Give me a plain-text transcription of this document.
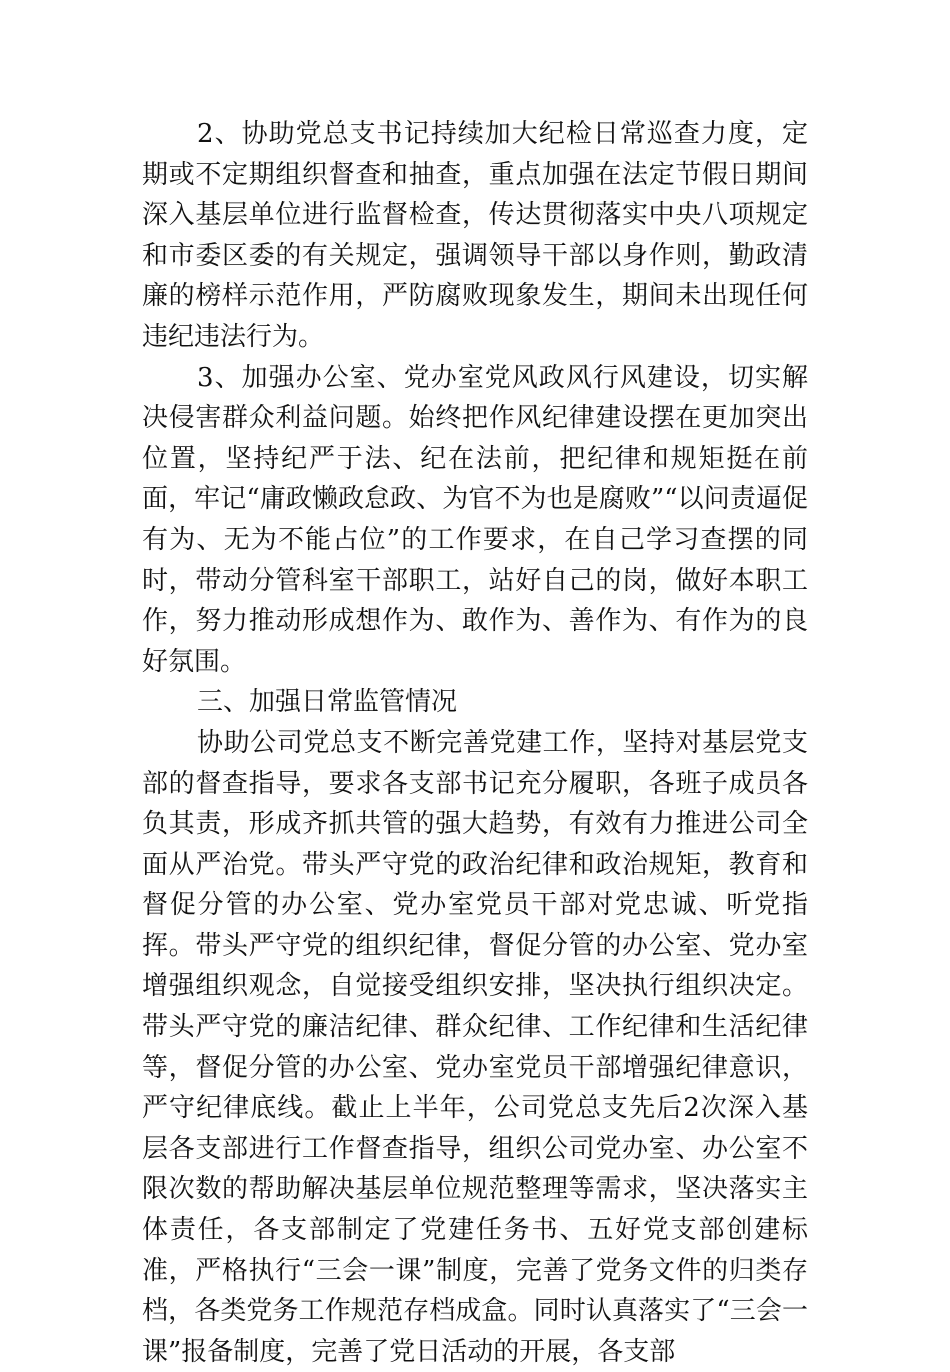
2、协助党总支书记持续加大纪检日常巡查力度，定期或不定期组织督查和抽查，重点加强在法定节假日期间深入基层单位进行监督检查，传达贯彻落实中央八项规定和市委区委的有关规定，强调领导干部以身作则，勤政清廉的榜样示范作用，严防腐败现象发生，期间未出现任何违纪违法行为。

3、加强办公室、党办室党风政风行风建设，切实解决侵害群众利益问题。始终把作风纪律建设摆在更加突出位置，坚持纪严于法、纪在法前，把纪律和规矩挺在前面，牢记“庸政懒政怠政、为官不为也是腐败”“以问责逼促有为、无为不能占位”的工作要求，在自己学习查摆的同时，带动分管科室干部职工，站好自己的岗，做好本职工作，努力推动形成想作为、敢作为、善作为、有作为的良好氛围。

三、加强日常监管情况

协助公司党总支不断完善党建工作，坚持对基层党支部的督查指导，要求各支部书记充分履职，各班子成员各负其责，形成齐抓共管的强大趋势，有效有力推进公司全面从严治党。带头严守党的政治纪律和政治规矩，教育和督促分管的办公室、党办室党员干部对党忠诚、听党指挥。带头严守党的组织纪律，督促分管的办公室、党办室增强组织观念，自觉接受组织安排，坚决执行组织决定。带头严守党的廉洁纪律、群众纪律、工作纪律和生活纪律等，督促分管的办公室、党办室党员干部增强纪律意识，严守纪律底线。截止上半年，公司党总支先后2次深入基层各支部进行工作督查指导，组织公司党办室、办公室不限次数的帮助解决基层单位规范整理等需求，坚决落实主体责任，各支部制定了党建任务书、五好党支部创建标准，严格执行“三会一课”制度，完善了党务文件的归类存档，各类党务工作规范存档成盒。同时认真落实了“三会一课”报备制度，完善了党日活动的开展，各支部
